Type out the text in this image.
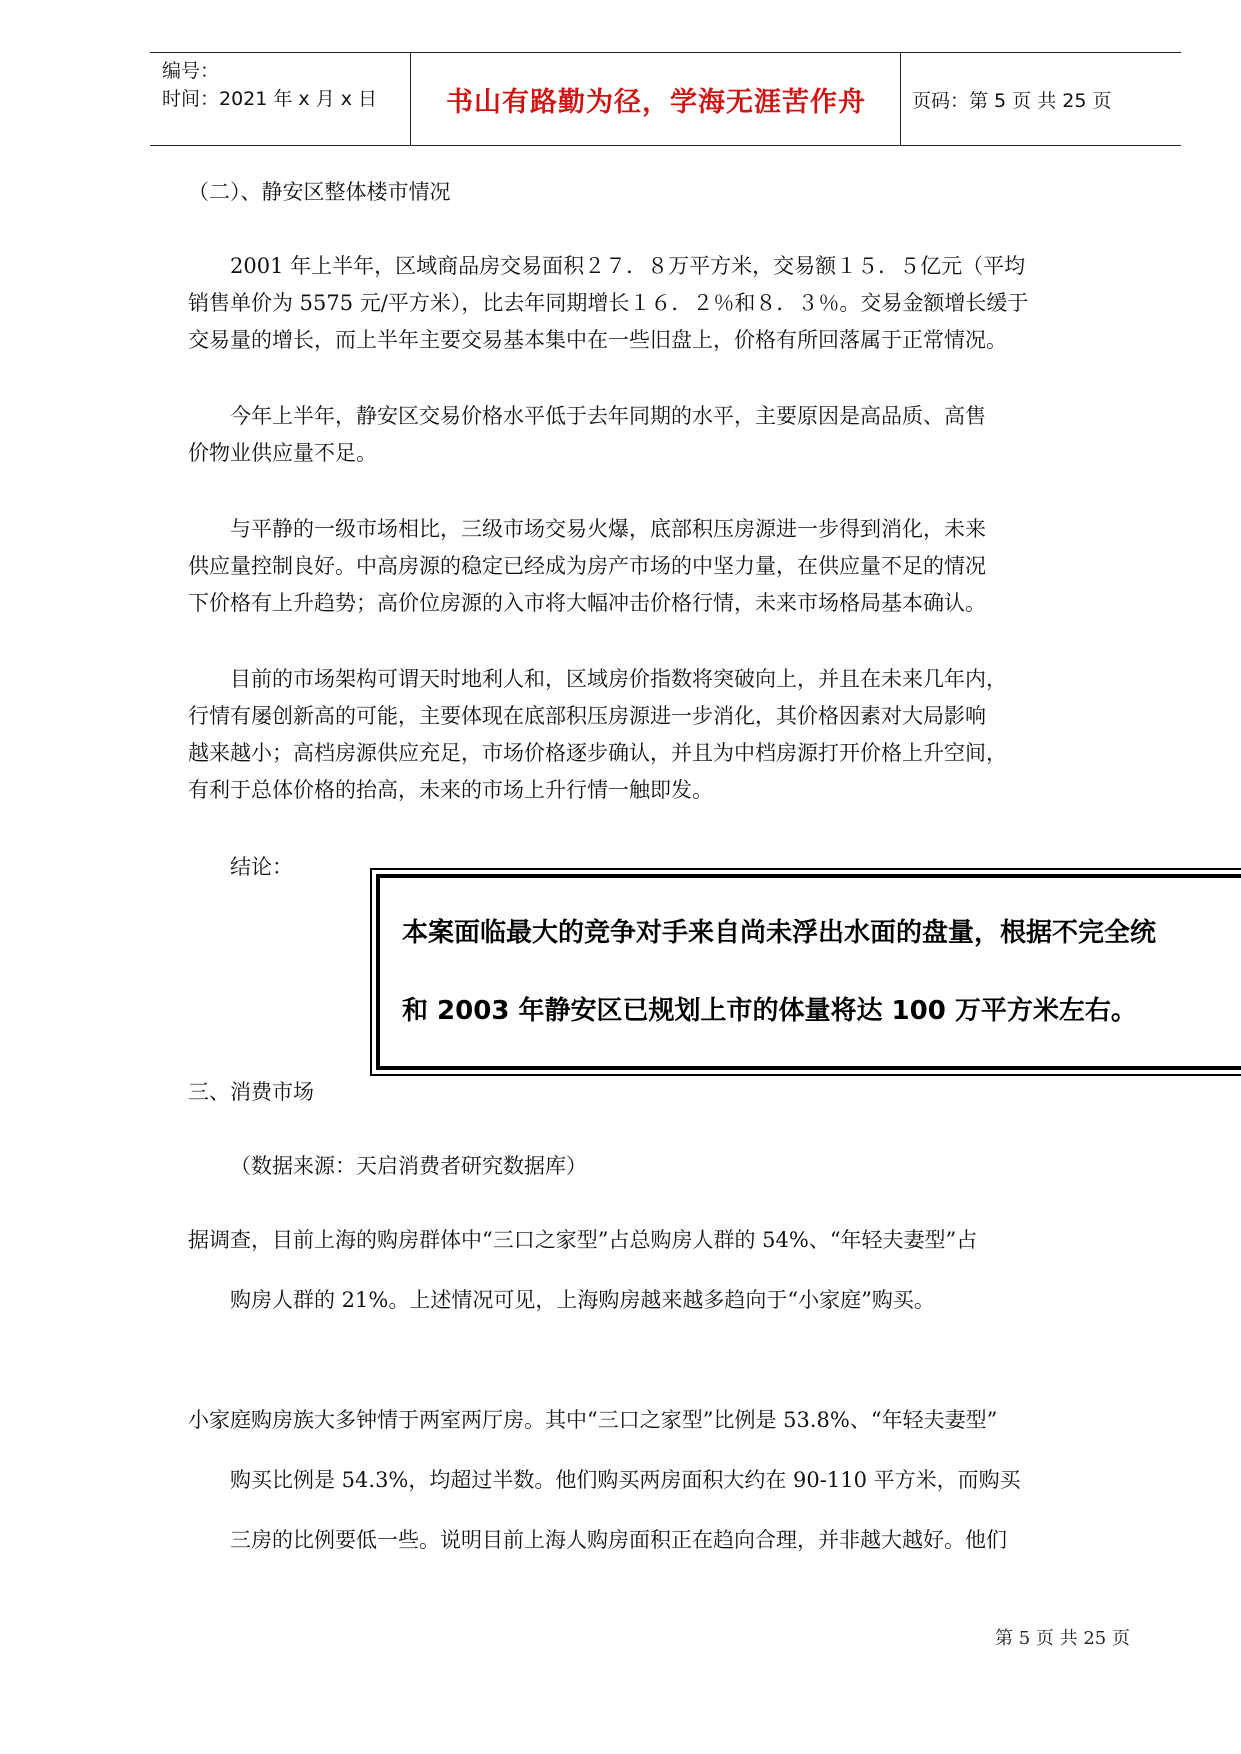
编号：
时间：2021 年 x 月 x 日	书山有路勤为径，学海无涯苦作舟	页码：第 5 页 共 25 页

（二）、静安区整体楼市情况

　　2001 年上半年，区域商品房交易面积２７．８万平方米，交易额１５．５亿元（平均

销售单价为 5575 元/平方米），比去年同期增长１６．２％和８．３％。交易金额增长缓于

交易量的增长，而上半年主要交易基本集中在一些旧盘上，价格有所回落属于正常情况。

　　今年上半年，静安区交易价格水平低于去年同期的水平，主要原因是高品质、高售

价物业供应量不足。

　　与平静的一级市场相比，三级市场交易火爆，底部积压房源进一步得到消化，未来

供应量控制良好。中高房源的稳定已经成为房产市场的中坚力量，在供应量不足的情况

下价格有上升趋势；高价位房源的入市将大幅冲击价格行情，未来市场格局基本确认。

　　目前的市场架构可谓天时地利人和，区域房价指数将突破向上，并且在未来几年内，

行情有屡创新高的可能，主要体现在底部积压房源进一步消化，其价格因素对大局影响

越来越小；高档房源供应充足，市场价格逐步确认，并且为中档房源打开价格上升空间，

有利于总体价格的抬高，未来的市场上升行情一触即发。

　　结论：

本案面临最大的竞争对手来自尚未浮出水面的盘量，根据不完全统
和 2003 年静安区已规划上市的体量将达 100 万平方米左右。

三、消费市场

（数据来源：天启消费者研究数据库）

据调查，目前上海的购房群体中“三口之家型”占总购房人群的 54%、“年轻夫妻型”占

购房人群的 21%。上述情况可见，上海购房越来越多趋向于“小家庭”购买。

小家庭购房族大多钟情于两室两厅房。其中“三口之家型”比例是 53.8%、“年轻夫妻型”

购买比例是 54.3%，均超过半数。他们购买两房面积大约在 90-110 平方米，而购买

三房的比例要低一些。说明目前上海人购房面积正在趋向合理，并非越大越好。他们

第 5 页 共 25 页
